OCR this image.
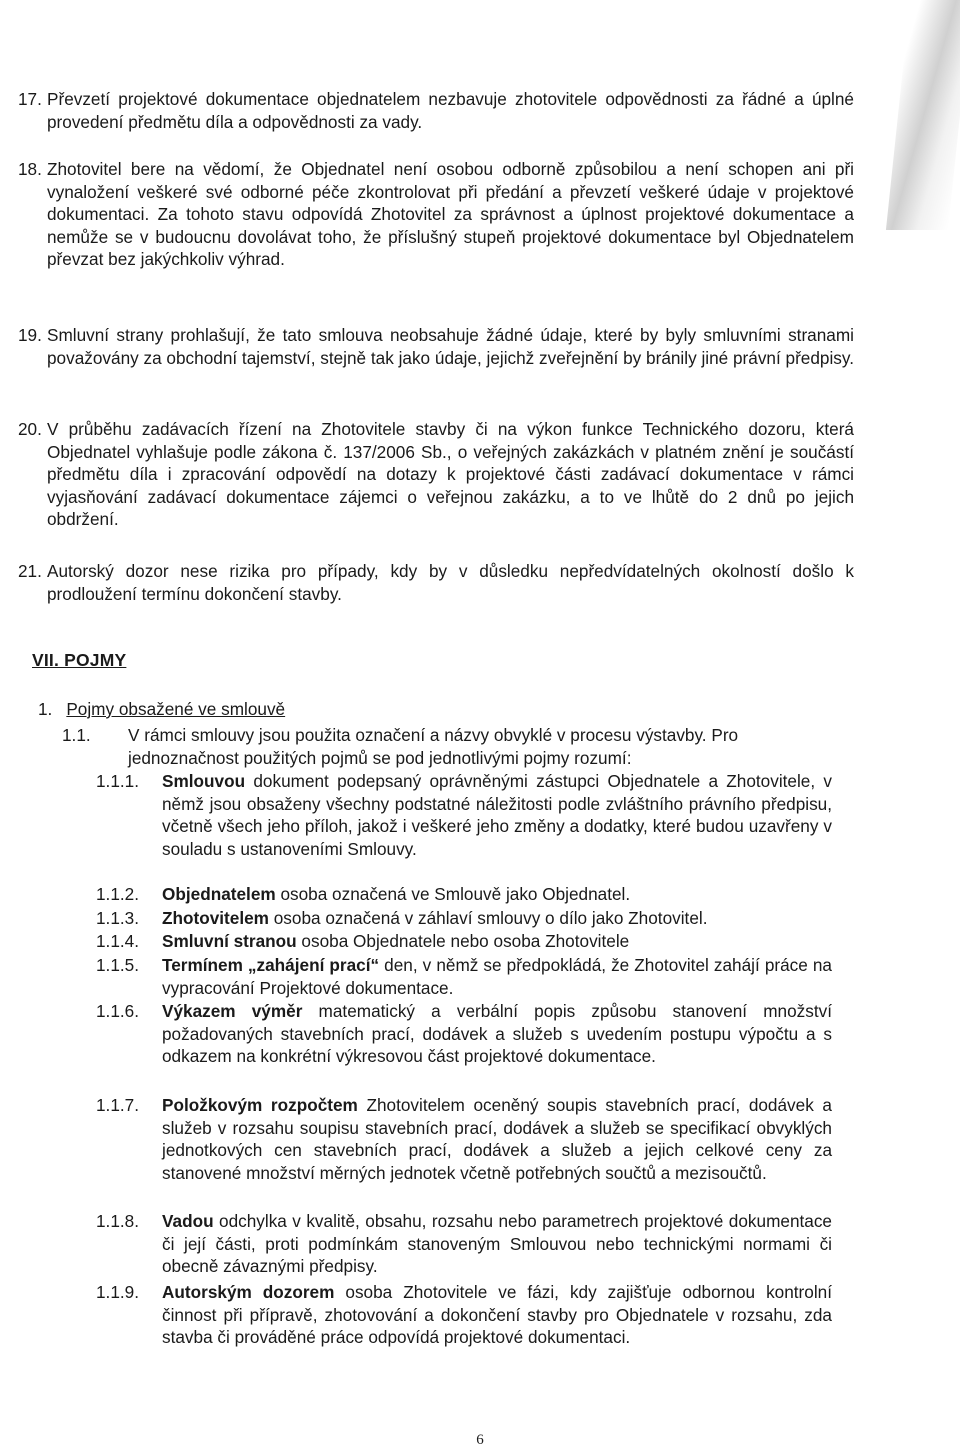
17. Převzetí projektové dokumentace objednatelem nezbavuje zhotovitele odpovědnosti za řádné a úplné provedení předmětu díla a odpovědnosti za vady.
18. Zhotovitel bere na vědomí, že Objednatel není osobou odborně způsobilou a není schopen ani při vynaložení veškeré své odborné péče zkontrolovat při předání a převzetí veškeré údaje v projektové dokumentaci. Za tohoto stavu odpovídá Zhotovitel za správnost a úplnost projektové dokumentace a nemůže se v budoucnu dovolávat toho, že příslušný stupeň projektové dokumentace byl Objednatelem převzat bez jakýchkoliv výhrad.
19. Smluvní strany prohlašují, že tato smlouva neobsahuje žádné údaje, které by byly smluvními stranami považovány za obchodní tajemství, stejně tak jako údaje, jejichž zveřejnění by bránily jiné právní předpisy.
20. V průběhu zadávacích řízení na Zhotovitele stavby či na výkon funkce Technického dozoru, která Objednatel vyhlašuje podle zákona č. 137/2006 Sb., o veřejných zakázkách v platném znění je součástí předmětu díla i zpracování odpovědí na dotazy k projektové části zadávací dokumentace v rámci vyjasňování zadávací dokumentace zájemci o veřejnou zakázku, a to ve lhůtě do 2 dnů po jejich obdržení.
21. Autorský dozor nese rizika pro případy, kdy by v důsledku nepředvídatelných okolností došlo k prodloužení termínu dokončení stavby.
VII. POJMY
1. Pojmy obsažené ve smlouvě
1.1. V rámci smlouvy jsou použita označení a názvy obvyklé v procesu výstavby. Pro jednoznačnost použitých pojmů se pod jednotlivými pojmy rozumí:
1.1.1. Smlouvou dokument podepsaný oprávněnými zástupci Objednatele a Zhotovitele, v němž jsou obsaženy všechny podstatné náležitosti podle zvláštního právního předpisu, včetně všech jeho příloh, jakož i veškeré jeho změny a dodatky, které budou uzavřeny v souladu s ustanoveními Smlouvy.
1.1.2. Objednatelem osoba označená ve Smlouvě jako Objednatel.
1.1.3. Zhotovitelem osoba označená v záhlaví smlouvy o dílo jako Zhotovitel.
1.1.4. Smluvní stranou osoba Objednatele nebo osoba Zhotovitele
1.1.5. Termínem „zahájení prací“ den, v němž se předpokládá, že Zhotovitel zahájí práce na vypracování Projektové dokumentace.
1.1.6. Výkazem výměr matematický a verbální popis způsobu stanovení množství požadovaných stavebních prací, dodávek a služeb s uvedením postupu výpočtu a s odkazem na konkrétní výkresovou část projektové dokumentace.
1.1.7. Položkovým rozpočtem Zhotovitelem oceněný soupis stavebních prací, dodávek a služeb v rozsahu soupisu stavebních prací, dodávek a služeb se specifikací obvyklých jednotkových cen stavebních prací, dodávek a služeb a jejich celkové ceny za stanovené množství měrných jednotek včetně potřebných součtů a mezisoučtů.
1.1.8. Vadou odchylka v kvalitě, obsahu, rozsahu nebo parametrech projektové dokumentace či její části, proti podmínkám stanoveným Smlouvou nebo technickými normami či obecně závaznými předpisy.
1.1.9. Autorským dozorem osoba Zhotovitele ve fázi, kdy zajišťuje odbornou kontrolní činnost při přípravě, zhotovování a dokončení stavby pro Objednatele v rozsahu, zda stavba či prováděné práce odpovídá projektové dokumentaci.
6
